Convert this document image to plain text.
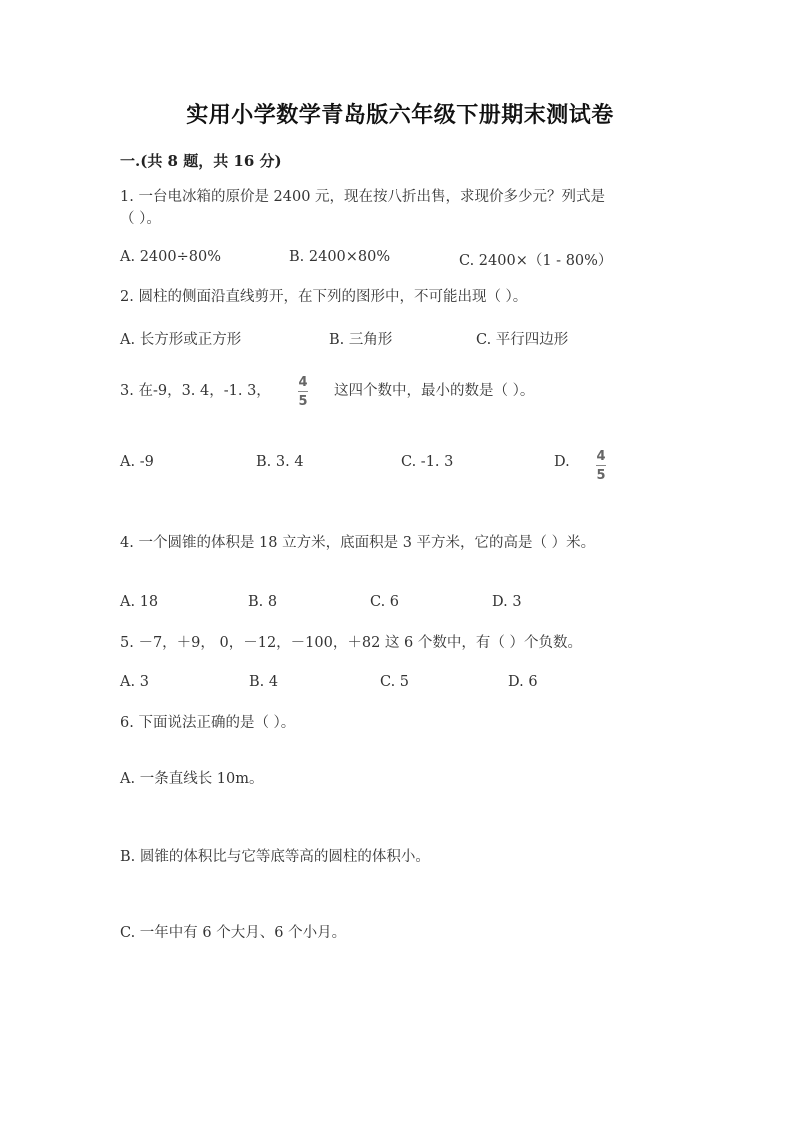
实用小学数学青岛版六年级下册期末测试卷
一.(共 8 题，共 16 分)
1. 一台电冰箱的原价是 2400 元，现在按八折出售，求现价多少元？列式是
（ ）。
A. 2400÷80%	B. 2400×80%	C. 2400×（1 - 80%）
2. 圆柱的侧面沿直线剪开，在下列的图形中，不可能出现（ ）。
A. 长方形或正方形	B. 三角形	C. 平行四边形
3. 在-9，3. 4，-1. 3，
4
5
这四个数中，最小的数是（ ）。
A. -9	B. 3. 4	C. -1. 3	D. 4
5
4. 一个圆锥的体积是 18 立方米，底面积是 3 平方米，它的高是（ ）米。
A. 18	B. 8	C. 6	D. 3
5. －7，＋9， 0，－12，－100，＋82 这 6 个数中，有（ ）个负数。
A. 3	B. 4	C. 5	D. 6
6. 下面说法正确的是（ ）。
A. 一条直线长 10m。
B. 圆锥的体积比与它等底等高的圆柱的体积小。
C. 一年中有 6 个大月、6 个小月。
